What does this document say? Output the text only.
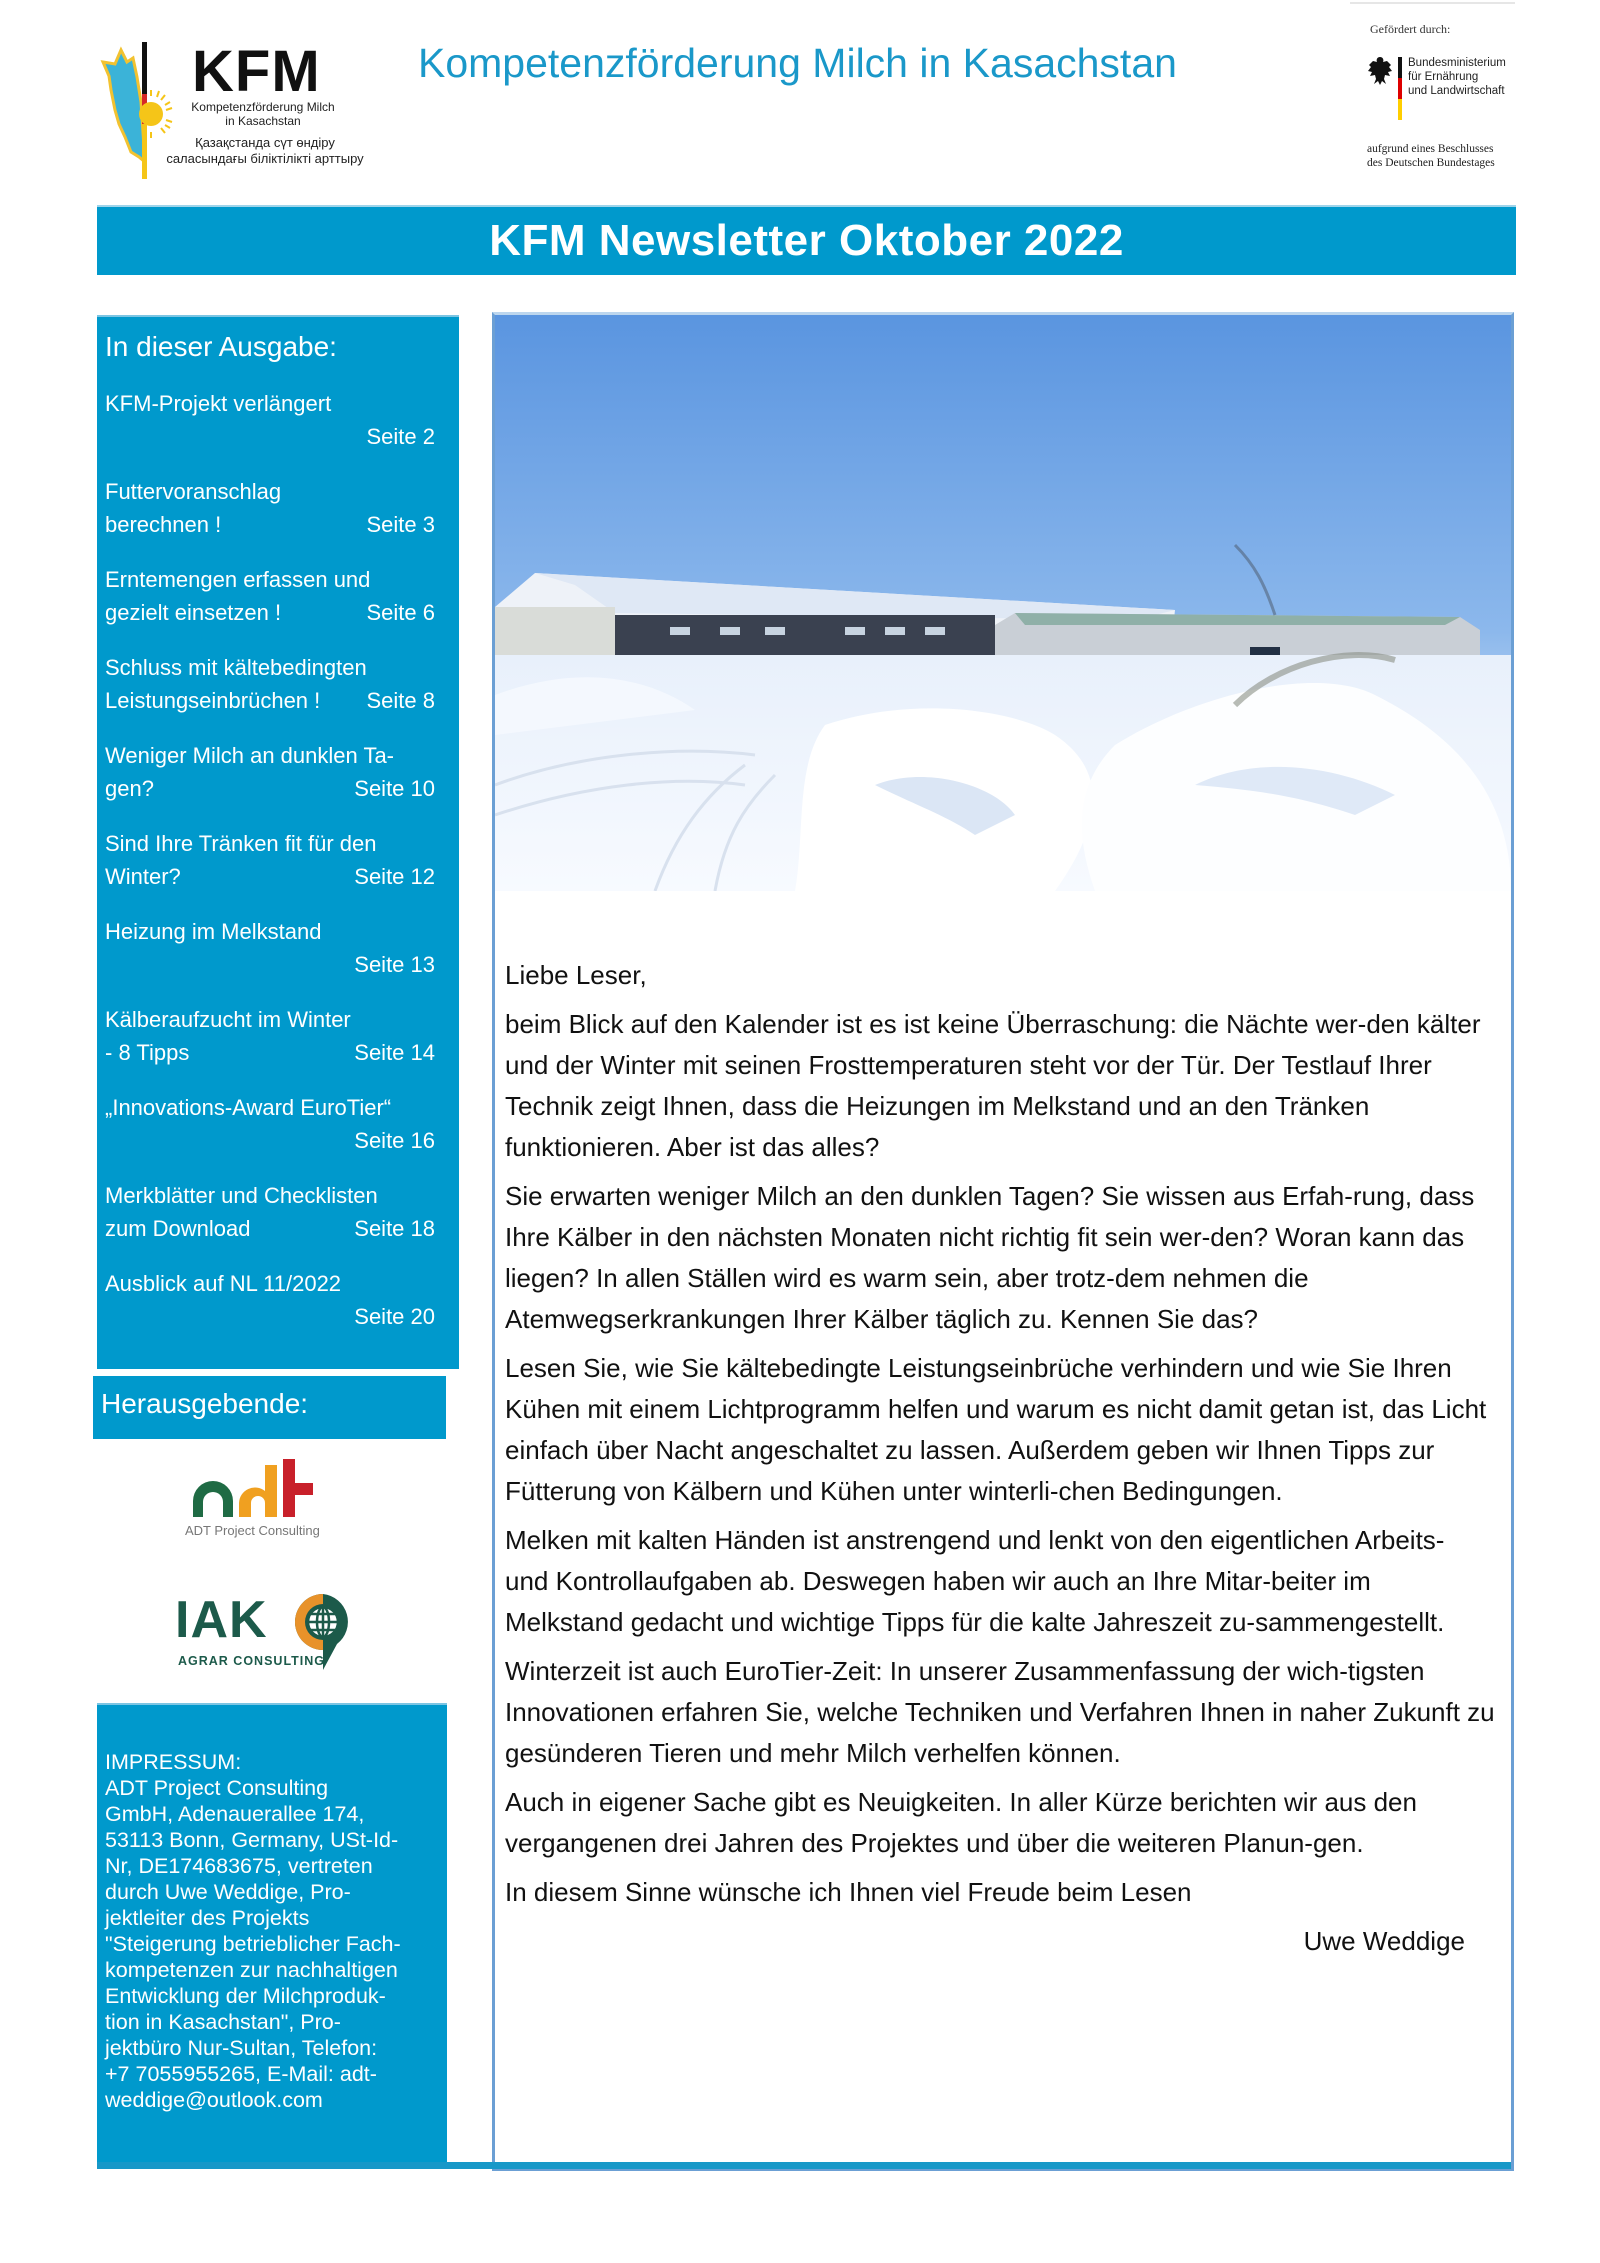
KFM
Kompetenzförderung Milch
in Kasachstan
Қазақстанда сүт өндіру
саласындағы біліктілікті арттыру
Kompetenzförderung Milch in Kasachstan
Gefördert durch:
Bundesministerium
für Ernährung
und Landwirtschaft
aufgrund eines Beschlusses
des Deutschen Bundestages
KFM Newsletter Oktober 2022
In dieser Ausgabe:
KFM-Projekt verlängert
Seite 2
Futtervoranschlag
berechnen !	Seite 3
Erntemengen erfassen und
gezielt einsetzen !	Seite 6
Schluss mit kältebedingten
Leistungseinbrüchen !	Seite 8
Weniger Milch an dunklen Ta-
gen?	Seite 10
Sind Ihre Tränken fit für den
Winter?	Seite 12
Heizung im Melkstand
Seite 13
Kälberaufzucht im Winter
- 8 Tipps	Seite 14
„Innovations-Award EuroTier“
Seite 16
Merkblätter und Checklisten
zum Download	Seite 18
Ausblick auf NL 11/2022
Seite 20
Herausgebende:
ADT Project Consulting
IAK
AGRAR CONSULTING
IMPRESSUM:
ADT Project Consulting
GmbH, Adenauerallee 174,
53113 Bonn, Germany, USt-Id-
Nr, DE174683675, vertreten
durch Uwe Weddige, Pro-
jektleiter des Projekts
"Steigerung betrieblicher Fach-
kompetenzen zur nachhaltigen
Entwicklung der Milchproduk-
tion in Kasachstan", Pro-
jektbüro Nur-Sultan, Telefon:
+7 7055955265, E-Mail: adt-
weddige@outlook.com

Liebe Leser,

beim Blick auf den Kalender ist es ist keine Überraschung: die Nächte wer-den kälter und der Winter mit seinen Frosttemperaturen steht vor der Tür. Der Testlauf Ihrer Technik zeigt Ihnen, dass die Heizungen im Melkstand und an den Tränken funktionieren. Aber ist das alles?

Sie erwarten weniger Milch an den dunklen Tagen? Sie wissen aus Erfah-rung, dass Ihre Kälber in den nächsten Monaten nicht richtig fit sein wer-den? Woran kann das liegen? In allen Ställen wird es warm sein, aber trotz-dem nehmen die Atemwegserkrankungen Ihrer Kälber täglich zu. Kennen Sie das?

Lesen Sie, wie Sie kältebedingte Leistungseinbrüche verhindern und wie Sie Ihren Kühen mit einem Lichtprogramm helfen und warum es nicht damit getan ist, das Licht einfach über Nacht angeschaltet zu lassen. Außerdem geben wir Ihnen Tipps zur Fütterung von Kälbern und Kühen unter winterli-chen Bedingungen.

Melken mit kalten Händen ist anstrengend und lenkt von den eigentlichen Arbeits- und Kontrollaufgaben ab. Deswegen haben wir auch an Ihre Mitar-beiter im Melkstand gedacht und wichtige Tipps für die kalte Jahreszeit zu-sammengestellt.

Winterzeit ist auch EuroTier-Zeit: In unserer Zusammenfassung der wich-tigsten Innovationen erfahren Sie, welche Techniken und Verfahren Ihnen in naher Zukunft zu gesünderen Tieren und mehr Milch verhelfen können.

Auch in eigener Sache gibt es Neuigkeiten. In aller Kürze berichten wir aus den vergangenen drei Jahren des Projektes und über die weiteren Planun-gen.

In diesem Sinne wünsche ich Ihnen viel Freude beim Lesen

Uwe Weddige
